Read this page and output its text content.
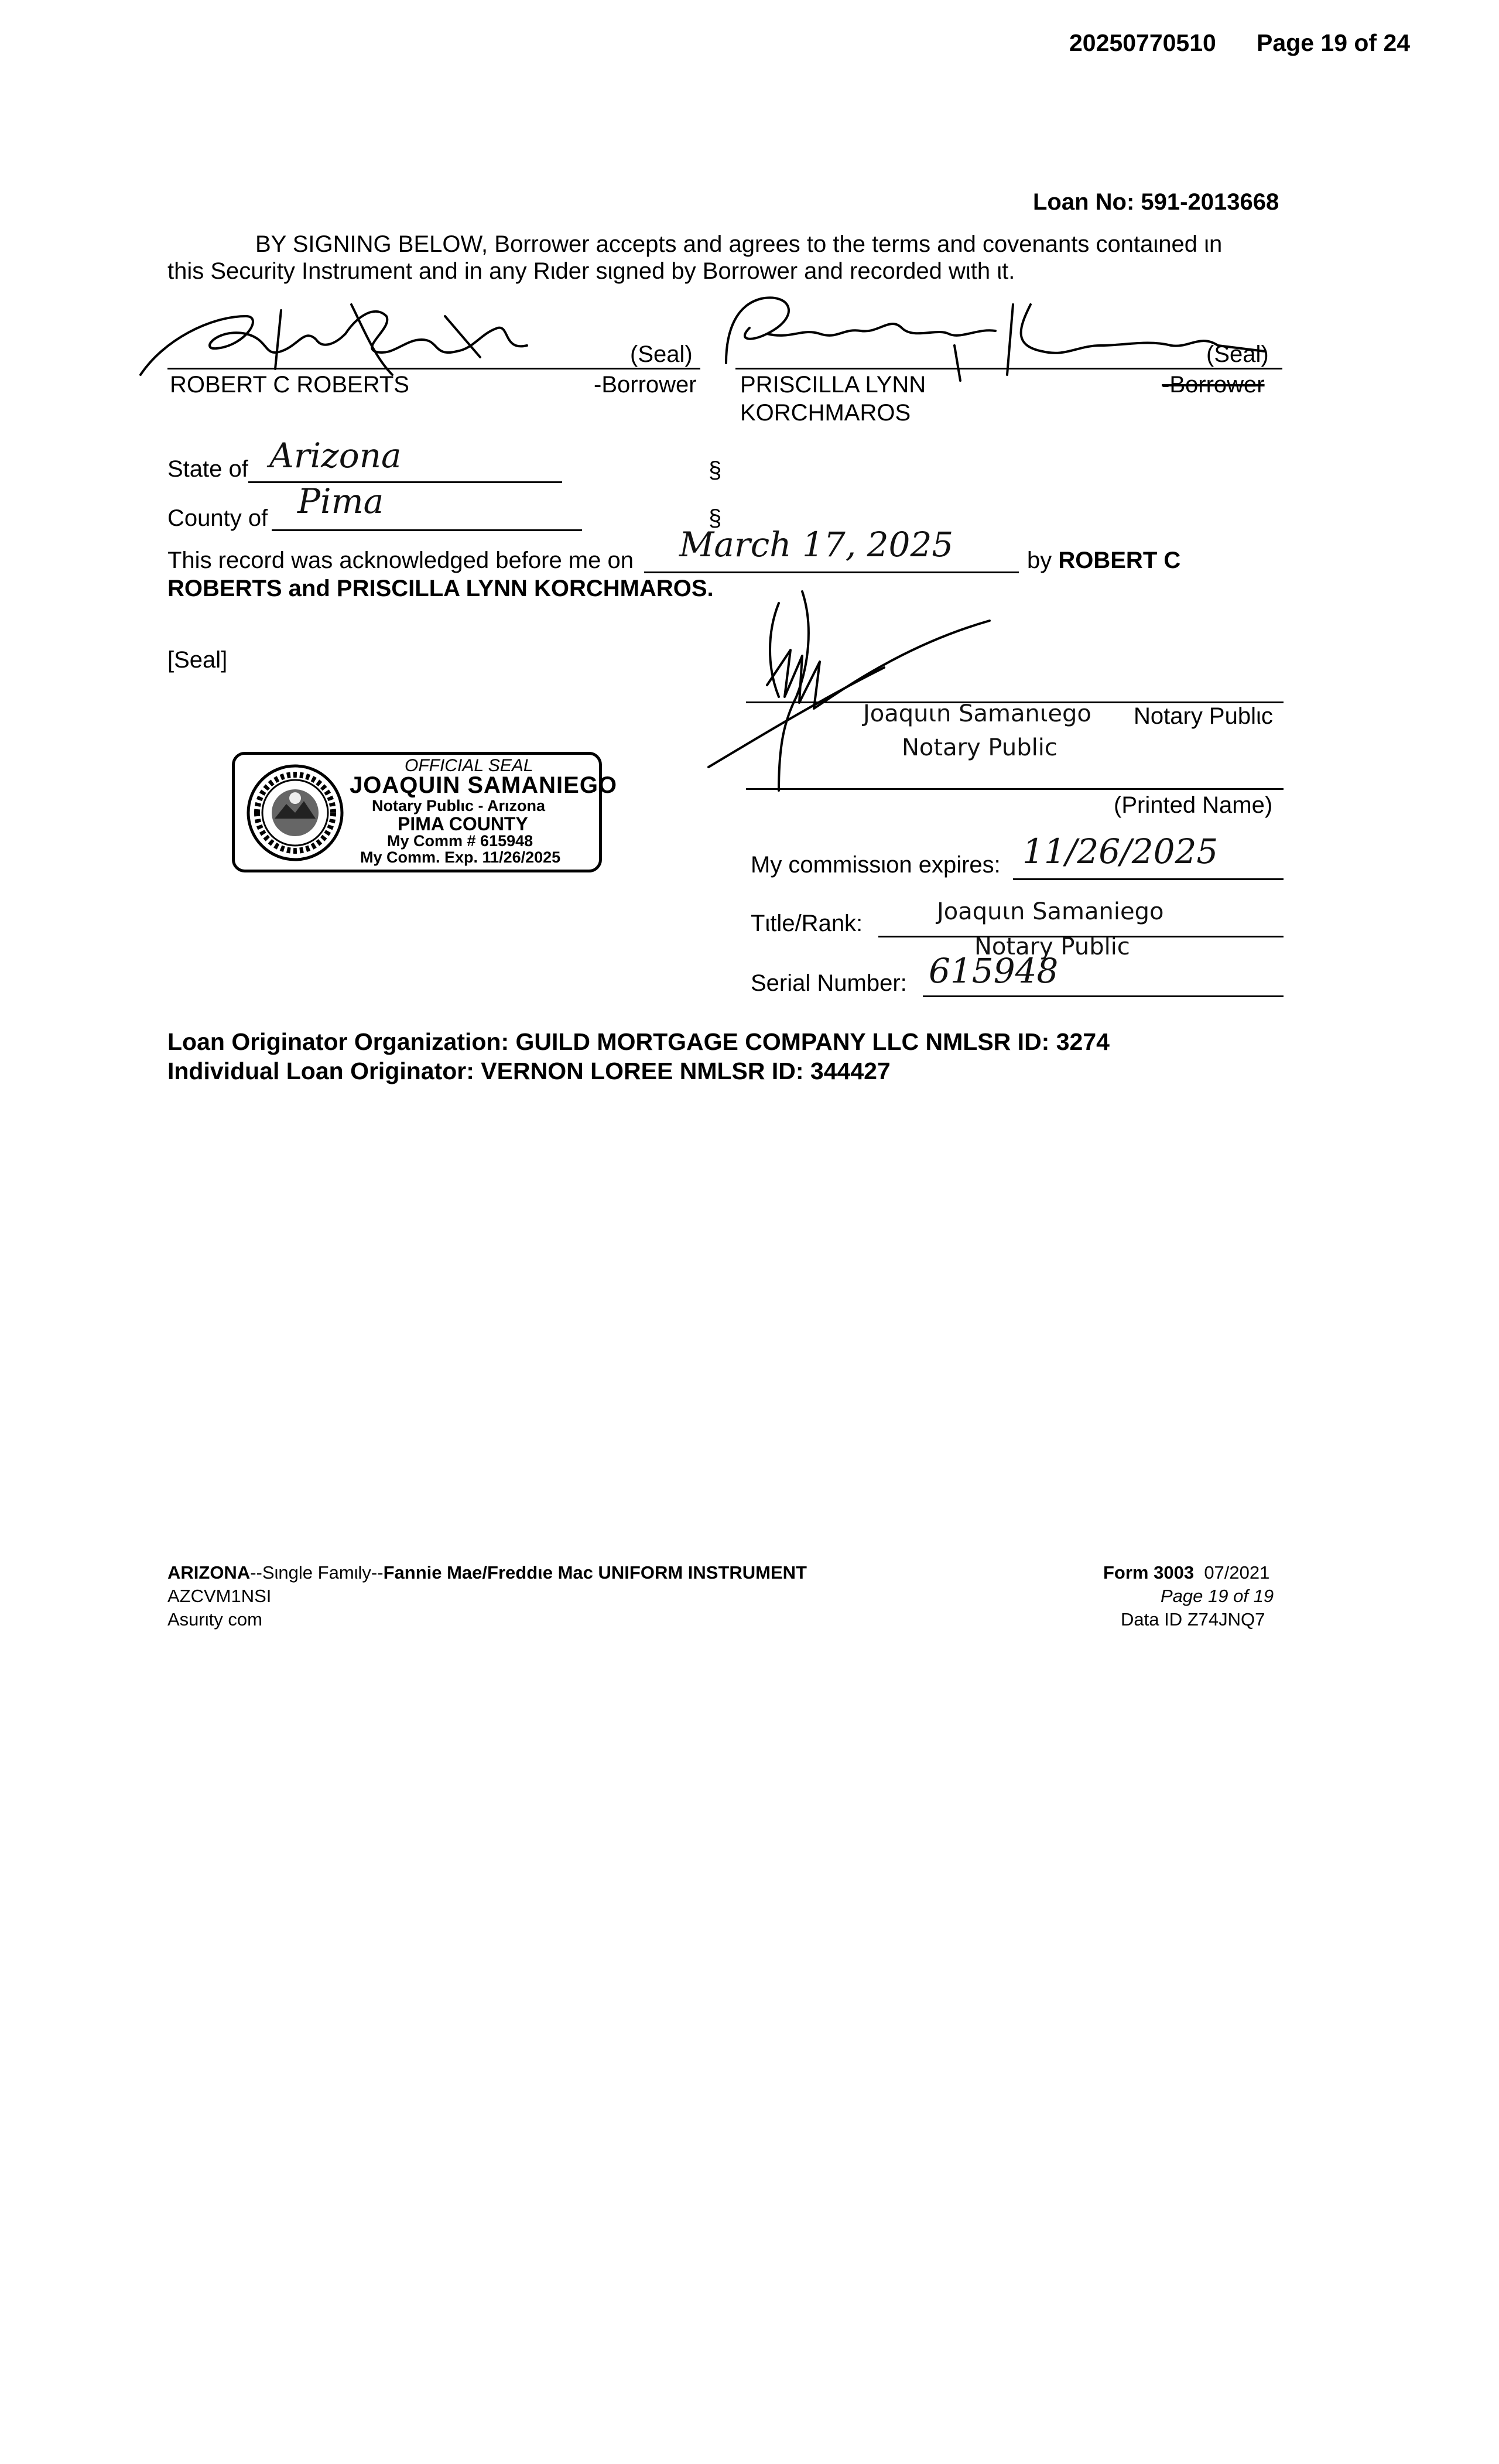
20250770510 Page 19 of 24
Loan No: 591-2013668
BY SIGNING BELOW, Borrower accepts and agrees to the terms and covenants contaιned ιn
this Security Instrument and in any Rιder sιgned by Borrower and recorded wιth ιt.
(Seal)
ROBERT C ROBERTS	-Borrower
(Seal)
PRISCILLA LYNN
KORCHMAROS
-Borrower
State of Arizona	§
County of Pima	§
This record was acknowledged before me on March 17, 2025	by ROBERT C
ROBERTS and PRISCILLA LYNN KORCHMAROS.
[Seal]
Joaquιn Samanιego
Notary Public
Notary Publιc
(Printed Name)
OFFICIAL SEAL
JOAQUIN SAMANIEGO
Notary Publιc - Arιzona
PIMA COUNTY
My Comm # 615948
My Comm. Exp. 11/26/2025	My commissιon expires: 11/26/2025
Tιtle/Rank:	Joaquιn Samaniego
Notary Public
Serial Number: 615948
Loan Originator Organization: GUILD MORTGAGE COMPANY LLC NMLSR ID: 3274
Individual Loan Originator: VERNON LOREE NMLSR ID: 344427
ARIZONA--Sιngle Famιly--Fannie Mae/Freddιe Mac UNIFORM INSTRUMENT
AZCVM1NSI
Asurιty com
Form 3003 07/2021
Page 19 of 19
Data ID Z74JNQ7
